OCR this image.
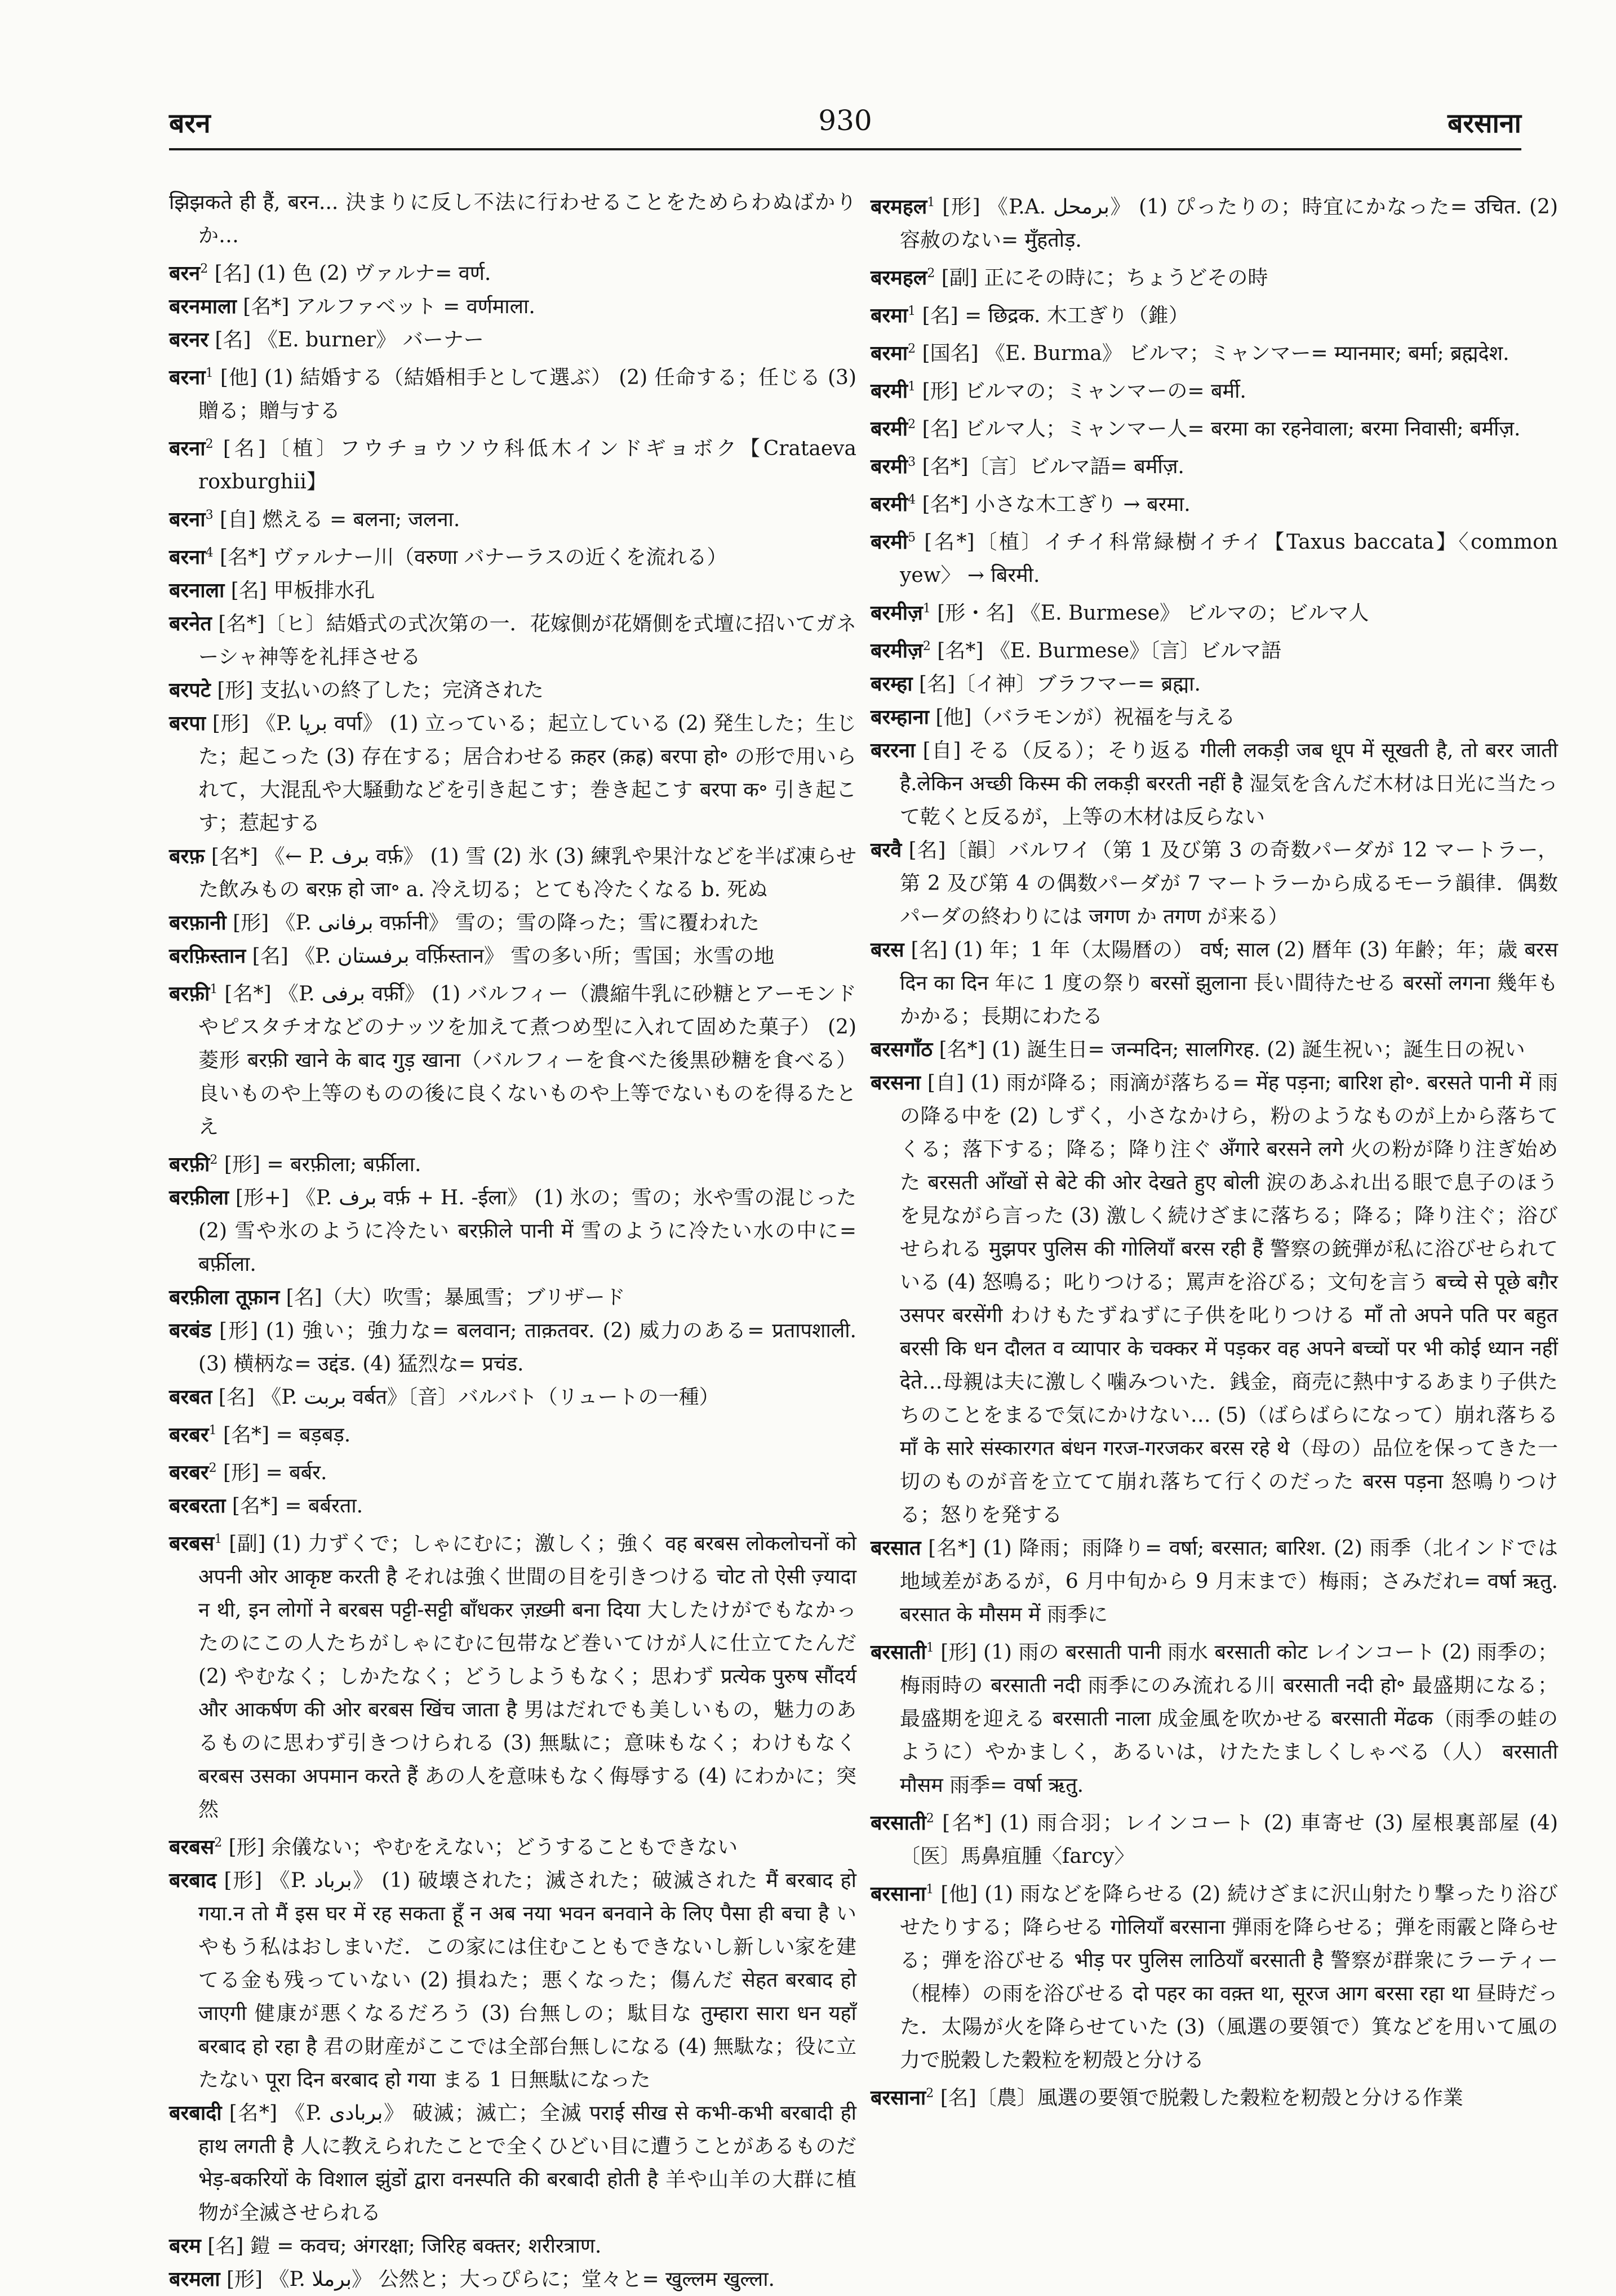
बरन	930	बरसाना

झिझकते ही हैं, बरन... 決まりに反し不法に行わせることをためらわぬばかりか…

बरन$^2$ [名] (1) 色 (2) ヴァルナ= वर्ण.

बरनमाला [名*] アルファベット = वर्णमाला.

बरनर [名] 《E. burner》 バーナー

बरना$^1$ [他] (1) 結婚する（結婚相手として選ぶ） (2) 任命する；任じる (3) 贈る；贈与する

बरना$^2$ [名]〔植〕フウチョウソウ科低木インドギョボク【Crataeva roxburghii】

बरना$^3$ [自] 燃える = बलना; जलना.

बरना$^4$ [名*] ヴァルナー川（वरुणा バナーラスの近くを流れる）

बरनाला [名] 甲板排水孔

बरनेत [名*]〔ヒ〕結婚式の式次第の一．花嫁側が花婿側を式壇に招いてガネーシャ神等を礼拝させる

बरपटे [形] 支払いの終了した；完済された

बरपा [形] 《P. برپا वर्पा》 (1) 立っている；起立している (2) 発生した；生じた；起こった (3) 存在する；居合わせる क़हर (क़ह्र) बरपा हो॰ の形で用いられて，大混乱や大騒動などを引き起こす；巻き起こす बरपा क॰ 引き起こす；惹起する

बरफ़ [名*] 《← P. برف वर्फ़》 (1) 雪 (2) 氷 (3) 練乳や果汁などを半ば凍らせた飲みもの बरफ़ हो जा॰ a. 冷え切る；とても冷たくなる b. 死ぬ

बरफ़ानी [形] 《P. برفانی वर्फ़ानी》 雪の；雪の降った；雪に覆われた

बरफ़िस्तान [名] 《P. برفستان वर्फ़िस्तान》 雪の多い所；雪国；氷雪の地

बरफ़ी$^1$ [名*] 《P. برفی वर्फ़ी》 (1) バルフィー（濃縮牛乳に砂糖とアーモンドやピスタチオなどのナッツを加えて煮つめ型に入れて固めた菓子） (2) 菱形 बरफ़ी खाने के बाद गुड़ खाना（バルフィーを食べた後黒砂糖を食べる）良いものや上等のものの後に良くないものや上等でないものを得るたとえ

बरफ़ी$^2$ [形] = बरफ़ीला; बर्फ़ीला.

बरफ़ीला [形+] 《P. برف वर्फ़ + H. -ईला》 (1) 氷の；雪の；氷や雪の混じった (2) 雪や氷のように冷たい बरफ़ीले पानी में 雪のように冷たい水の中に= बर्फ़ीला.

बरफ़ीला तूफ़ान [名]（大）吹雪；暴風雪；ブリザード

बरबंड [形] (1) 強い；強力な= बलवान; ताक़तवर. (2) 威力のある= प्रतापशाली. (3) 横柄な= उद्दंड. (4) 猛烈な= प्रचंड.

बरबत [名] 《P. بربت वर्बत》〔音〕バルバト（リュートの一種）

बरबर$^1$ [名*] = बड़बड़.

बरबर$^2$ [形] = बर्बर.

बरबरता [名*] = बर्बरता.

बरबस$^1$ [副] (1) 力ずくで；しゃにむに；激しく；強く वह बरबस लोकलोचनों को अपनी ओर आकृष्ट करती है それは強く世間の目を引きつける चोट तो ऐसी ज़्यादा न थी, इन लोगों ने बरबस पट्टी-सट्टी बाँधकर ज़ख़्मी बना दिया 大したけがでもなかったのにこの人たちがしゃにむに包帯など巻いてけが人に仕立てたんだ (2) やむなく；しかたなく；どうしようもなく；思わず प्रत्येक पुरुष सौंदर्य और आकर्षण की ओर बरबस खिंच जाता है 男はだれでも美しいもの，魅力のあるものに思わず引きつけられる (3) 無駄に；意味もなく；わけもなく बरबस उसका अपमान करते हैं あの人を意味もなく侮辱する (4) にわかに；突然

बरबस$^2$ [形] 余儀ない；やむをえない；どうすることもできない

बरबाद [形] 《P. برباد》 (1) 破壊された；滅された；破滅された मैं बरबाद हो गया.न तो मैं इस घर में रह सकता हूँ न अब नया भवन बनवाने के लिए पैसा ही बचा है いやもう私はおしまいだ．この家には住むこともできないし新しい家を建てる金も残っていない (2) 損ねた；悪くなった；傷んだ सेहत बरबाद हो जाएगी 健康が悪くなるだろう (3) 台無しの；駄目な तुम्हारा सारा धन यहाँ बरबाद हो रहा है 君の財産がここでは全部台無しになる (4) 無駄な；役に立たない पूरा दिन बरबाद हो गया まる 1 日無駄になった

बरबादी [名*] 《P. بربادی》 破滅；滅亡；全滅 पराई सीख से कभी-कभी बरबादी ही हाथ लगती है 人に教えられたことで全くひどい目に遭うことがあるものだ भेड़-बकरियों के विशाल झुंडों द्वारा वनस्पति की बरबादी होती है 羊や山羊の大群に植物が全滅させられる

बरम [名] 鎧 = कवच; अंगरक्षा; जिरिह बक्तर; शरीरत्राण.

बरमला [形] 《P. برملا》 公然と；大っぴらに；堂々と= खुल्लम खुल्ला.

बरमहल$^1$ [形] 《P.A. برمحل》 (1) ぴったりの；時宜にかなった= उचित. (2) 容赦のない= मुँहतोड़.

बरमहल$^2$ [副] 正にその時に；ちょうどその時

बरमा$^1$ [名] = छिद्रक. 木工ぎり（錐）

बरमा$^2$ [国名] 《E. Burma》 ビルマ；ミャンマー= म्यानमार; बर्मा; ब्रह्मदेश.

बरमी$^1$ [形] ビルマの；ミャンマーの= बर्मी.

बरमी$^2$ [名] ビルマ人；ミャンマー人= बरमा का रहनेवाला; बरमा निवासी; बर्मीज़.

बरमी$^3$ [名*]〔言〕ビルマ語= बर्मीज़.

बरमी$^4$ [名*] 小さな木工ぎり → बरमा.

बरमी$^5$ [名*]〔植〕イチイ科常緑樹イチイ【Taxus baccata】〈common yew〉 → बिरमी.

बरमीज़$^1$ [形・名] 《E. Burmese》 ビルマの；ビルマ人

बरमीज़$^2$ [名*] 《E. Burmese》〔言〕ビルマ語

बरम्हा [名]〔イ神〕ブラフマー= ब्रह्मा.

बरम्हाना [他]（バラモンが）祝福を与える

बररना [自] そる（反る）；そり返る गीली लकड़ी जब धूप में सूखती है, तो बरर जाती है.लेकिन अच्छी किस्म की लकड़ी बररती नहीं है 湿気を含んだ木材は日光に当たって乾くと反るが，上等の木材は反らない

बरवै [名]〔韻〕バルワイ（第 1 及び第 3 の奇数パーダが 12 マートラー，第 2 及び第 4 の偶数パーダが 7 マートラーから成るモーラ韻律．偶数パーダの終わりには जगण か तगण が来る）

बरस [名] (1) 年；1 年（太陽暦の） वर्ष; साल (2) 暦年 (3) 年齢；年；歳 बरस दिन का दिन 年に 1 度の祭り बरसों झुलाना 長い間待たせる बरसों लगना 幾年もかかる；長期にわたる

बरसगाँठ [名*] (1) 誕生日= जन्मदिन; सालगिरह. (2) 誕生祝い；誕生日の祝い

बरसना [自] (1) 雨が降る；雨滴が落ちる= मेंह पड़ना; बारिश हो॰. बरसते पानी में 雨の降る中を (2) しずく，小さなかけら，粉のようなものが上から落ちてくる；落下する；降る；降り注ぐ अँगारे बरसने लगे 火の粉が降り注ぎ始めた बरसती आँखों से बेटे की ओर देखते हुए बोली 涙のあふれ出る眼で息子のほうを見ながら言った (3) 激しく続けざまに落ちる；降る；降り注ぐ；浴びせられる मुझपर पुलिस की गोलियाँ बरस रही हैं 警察の銃弾が私に浴びせられている (4) 怒鳴る；叱りつける；罵声を浴びる；文句を言う बच्चे से पूछे बग़ैर उसपर बरसेंगी わけもたずねずに子供を叱りつける माँ तो अपने पति पर बहुत बरसी कि धन दौलत व व्यापार के चक्कर में पड़कर वह अपने बच्चों पर भी कोई ध्यान नहीं देते…母親は夫に激しく噛みついた．銭金，商売に熱中するあまり子供たちのことをまるで気にかけない… (5)（ばらばらになって）崩れ落ちる माँ के सारे संस्कारगत बंधन गरज-गरजकर बरस रहे थे（母の）品位を保ってきた一切のものが音を立てて崩れ落ちて行くのだった बरस पड़ना 怒鳴りつける；怒りを発する

बरसात [名*] (1) 降雨；雨降り= वर्षा; बरसात; बारिश. (2) 雨季（北インドでは地域差があるが，6 月中旬から 9 月末まで）梅雨；さみだれ= वर्षा ऋतु. बरसात के मौसम में 雨季に

बरसाती$^1$ [形] (1) 雨の बरसाती पानी 雨水 बरसाती कोट レインコート (2) 雨季の；梅雨時の बरसाती नदी 雨季にのみ流れる川 बरसाती नदी हो॰ 最盛期になる；最盛期を迎える बरसाती नाला 成金風を吹かせる बरसाती मेंढक（雨季の蛙のように）やかましく，あるいは，けたたましくしゃべる（人） बरसाती मौसम 雨季= वर्षा ऋतु.

बरसाती$^2$ [名*] (1) 雨合羽；レインコート (2) 車寄せ (3) 屋根裏部屋 (4)〔医〕馬鼻疽腫〈farcy〉

बरसाना$^1$ [他] (1) 雨などを降らせる (2) 続けざまに沢山射たり撃ったり浴びせたりする；降らせる गोलियाँ बरसाना 弾雨を降らせる；弾を雨霰と降らせる；弾を浴びせる भीड़ पर पुलिस लाठियाँ बरसाती है 警察が群衆にラーティー（棍棒）の雨を浴びせる दो पहर का वक़्त था, सूरज आग बरसा रहा था 昼時だった．太陽が火を降らせていた (3)（風選の要領で）箕などを用いて風の力で脱穀した穀粒を籾殻と分ける

बरसाना$^2$ [名]〔農〕風選の要領で脱穀した穀粒を籾殻と分ける作業
